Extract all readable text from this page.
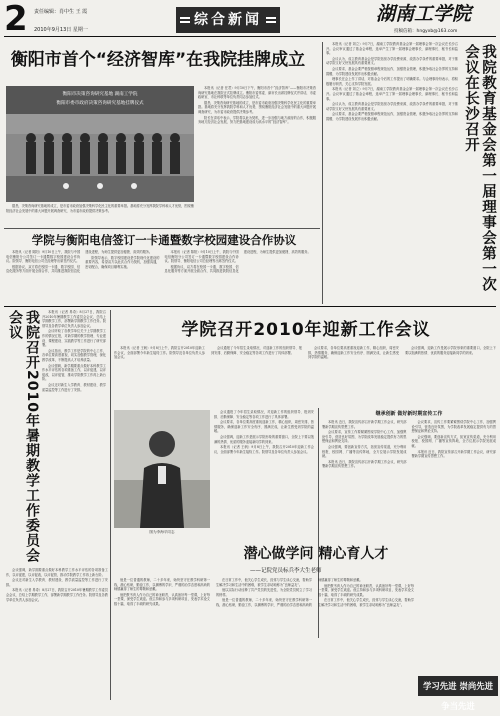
2 责任编辑：肖中生 王 霞
2010年9月13日 星期一
综合新闻	湖南工学院
投稿信箱：hngyxb@163.com
衡阳市首个“经济智库”在我院挂牌成立
衡阳市决策咨询研究基地 湖南工学院
衡阳市委市政府决策咨询研究基地挂牌仪式

本报讯（记者 任君）9月10日下午，衡阳市首个“经济智库”——衡阳市决策咨询研究基地在我院正式挂牌成立。衡阳市委常委、副市长出席挂牌仪式并讲话，市委政研室、市社科联等单位负责同志参加仪式。

据悉，决策咨询研究基地的成立，是市委市政府加强决策科学化民主化的重要举措。基地将充分发挥我院学科和人才优势，围绕衡阳经济社会发展中的重大问题开展调查研究，为市委市政府提供决策参考。

院长在讲话中表示，学院将以此为契机，进一步加强与地方政府的合作，积极服务地方经济社会发展，努力把基地建设成为高水平的“经济智库”。

据悉，决策咨询研究基地的成立，是市委市政府加强决策科学化民主化的重要举措。基地将充分发挥我院学科和人才优势，围绕衡阳经济社会发展中的重大问题开展调查研究，为市委市政府提供决策参考。

本报讯（记者 刘立）9月7日，湖南工学院教育基金会第一届理事会第一次会议在长沙召开。会议审议通过了基金会章程，选举产生了第一届理事会理事长、副理事长、秘书长和监事。

会议认为，成立教育基金会是学院拓宽办学经费来源、改善办学条件的重要举措，对于推动学院又好又快发展具有重要意义。

会议要求，基金会要严格按照章程规范运作，加强资金管理，积极争取社会各界的支持和捐赠，为学院建设发展作出积极贡献。

理事长在会上作了讲话，对基金会今后的工作提出了明确要求。与会理事纷纷表示，将积极履行职责，关心支持学院发展。

本报讯（记者 刘立）9月7日，湖南工学院教育基金会第一届理事会第一次会议在长沙召开。会议审议通过了基金会章程，选举产生了第一届理事会理事长、副理事长、秘书长和监事。

会议认为，成立教育基金会是学院拓宽办学经费来源、改善办学条件的重要举措，对于推动学院又好又快发展具有重要意义。

会议要求，基金会要严格按照章程规范运作，加强资金管理，积极争取社会各界的支持和捐赠，为学院建设发展作出积极贡献。	我院教育基金会第一届理事会第一次会议在长沙召开
学院与衡阳电信签订一卡通暨数字校园建设合作协议

本报讯（记者 陈阳）9月10日上午，我院与中国电信衡阳分公司签订一卡通暨数字校园建设合作协议。院领导、衡阳电信公司总经理等出席签约仪式。

根据协议，双方将在校园一卡通、数字校园、信息化服务等方面开展全面合作，共同推进我院信息化建设进程，为师生提供更加便捷、高效的服务。

院领导表示，数字校园建设是学院现代化建设的重要内容，希望双方以此次合作为契机，加强沟通，密切配合，确保项目顺利实施。

本报讯（记者 陈阳）9月10日上午，我院与中国电信衡阳分公司签订一卡通暨数字校园建设合作协议。院领导、衡阳电信公司总经理等出席签约仪式。

根据协议，双方将在校园一卡通、数字校园、信息化服务等方面开展全面合作，共同推进我院信息化建设进程，为师生提供更加便捷、高效的服务。

我院召开2010年暑期教学工作委员会会议	本报讯（记者 易奇）8月27日，我院召开2010年暑期教学工作委员会会议，总结上学期教学工作，部署新学期教学工作任务。院领导及各教学单位负责人参加会议。

会议听取了各教学单位关于上学期教学工作的情况汇报，对新学期的教学管理、专业建设、课程建设、实践教学等工作进行了研究部署。

会议指出，教学工作是学院的中心工作，各单位要高度重视，切实加强教学管理，深化教学改革，不断提高人才培养质量。

会议强调，新学期要重点做好本科教学工作水平评估的各项准备工作，以评促建，以评促改，以评促管，推动学院教学工作再上新台阶。

会议还对新生入学教育、教材建设、教学质量监控等工作进行了安排。

会议强调，新学期要重点做好本科教学工作水平评估的各项准备工作，以评促建，以评促改，以评促管，推动学院教学工作再上新台阶。

会议还对新生入学教育、教材建设、教学质量监控等工作进行了安排。

本报讯（记者 易奇）8月27日，我院召开2010年暑期教学工作委员会会议，总结上学期教学工作，部署新学期教学工作任务。院领导及各教学单位负责人参加会议。

学院召开2010年迎新工作会议

本报讯（记者 王帆）9月8日上午，我院召开2010年迎新工作会议，全面部署今年新生接待工作。院领导及各单位负责人参加会议。

会议通报了今年招生录取情况，对迎新工作的组织领导、报到安排、后勤保障、安全稳定等各项工作进行了具体部署。

会议要求，各单位要高度重视迎新工作，精心组织，周密安排，热情服务，确保迎新工作安全有序、圆满完成，让新生感受到学院的温暖。

会议强调，迎新工作是展示学院形象的重要窗口，全院上下要以饱满的热情、优质的服务迎接新同学的到来。

图为李海平同志

会议通报了今年招生录取情况，对迎新工作的组织领导、报到安排、后勤保障、安全稳定等各项工作进行了具体部署。

会议要求，各单位要高度重视迎新工作，精心组织，周密安排，热情服务，确保迎新工作安全有序、圆满完成，让新生感受到学院的温暖。

会议强调，迎新工作是展示学院形象的重要窗口，全院上下要以饱满的热情、优质的服务迎接新同学的到来。

本报讯（记者 王帆）9月8日上午，我院召开2010年迎新工作会议，全面部署今年新生接待工作。院领导及各单位负责人参加会议。

继承创新 做好新时期宣传工作

本报讯 近日，我院宣传部召开新学期工作会议，研究部署新学期宣传思想工作。

会议要求，宣传工作要紧紧围绕学院中心工作，加强舆论引导，营造良好氛围，为学院改革发展稳定提供有力的思想保证和舆论支持。

会议强调，要创新宣传方式，拓宽宣传渠道，充分利用校报、校园网、广播等宣传阵地，全方位展示学院发展成就。

本报讯 近日，我院宣传部召开新学期工作会议，研究部署新学期宣传思想工作。

会议要求，宣传工作要紧紧围绕学院中心工作，加强舆论引导，营造良好氛围，为学院改革发展稳定提供有力的思想保证和舆论支持。

会议强调，要创新宣传方式，拓宽宣传渠道，充分利用校报、校园网、广播等宣传阵地，全方位展示学院发展成就。

本报讯 近日，我院宣传部召开新学期工作会议，研究部署新学期宣传思想工作。

潜心做学问 精心育人才
——记院党员标兵李大生老师

他是一位普通的教师，二十多年来，始终坚守在教学科研第一线，潜心钻研，勤奋工作，以渊博的学识、严谨的治学态度和高尚的师德赢得了师生的尊敬和爱戴。

他把教书育人作为自己的神圣职责，认真备好每一堂课，上好每一堂课，深受学生欢迎。他主持和参与多项科研项目，发表学术论文数十篇，取得了丰硕的研究成果。

在日常工作中，他关心学生成长，经常与学生谈心交流，帮助学生解决学习和生活中的困难，被学生亲切地称为“良师益友”。

他以实际行动诠释了共产党员的先进性，为全院党员树立了学习的榜样。

他是一位普通的教师，二十多年来，始终坚守在教学科研第一线，潜心钻研，勤奋工作，以渊博的学识、严谨的治学态度和高尚的师德赢得了师生的尊敬和爱戴。

他把教书育人作为自己的神圣职责，认真备好每一堂课，上好每一堂课，深受学生欢迎。他主持和参与多项科研项目，发表学术论文数十篇，取得了丰硕的研究成果。

在日常工作中，他关心学生成长，经常与学生谈心交流，帮助学生解决学习和生活中的困难，被学生亲切地称为“良师益友”。

学习先进 崇尚先进 争当先进
